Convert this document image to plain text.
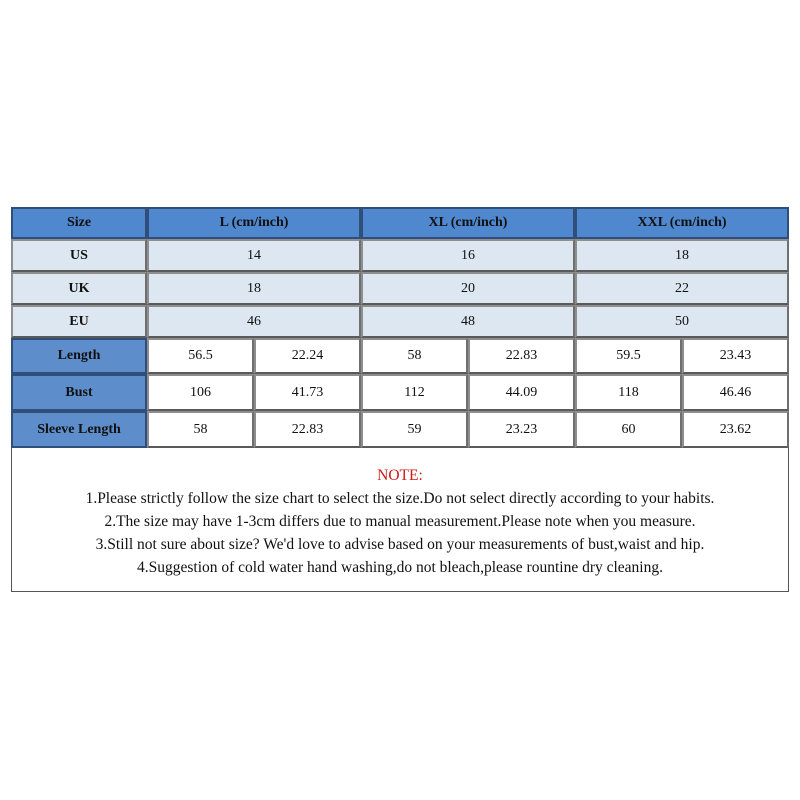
Size	L (cm/inch)	XL (cm/inch)	XXL (cm/inch)
US	14	16	18
UK	18	20	22
EU	46	48	50
Length	56.5	22.24	58	22.83	59.5	23.43
Bust	106	41.73	112	44.09	118	46.46
Sleeve Length	58	22.83	59	23.23	60	23.62
NOTE:
1.Please strictly follow the size chart to select the size.Do not select directly according to your habits.
2.The size may have 1-3cm differs due to manual measurement.Please note when you measure.
3.Still not sure about size? We'd love to advise based on your measurements of bust,waist and hip.
4.Suggestion of cold water hand washing,do not bleach,please rountine dry cleaning.
